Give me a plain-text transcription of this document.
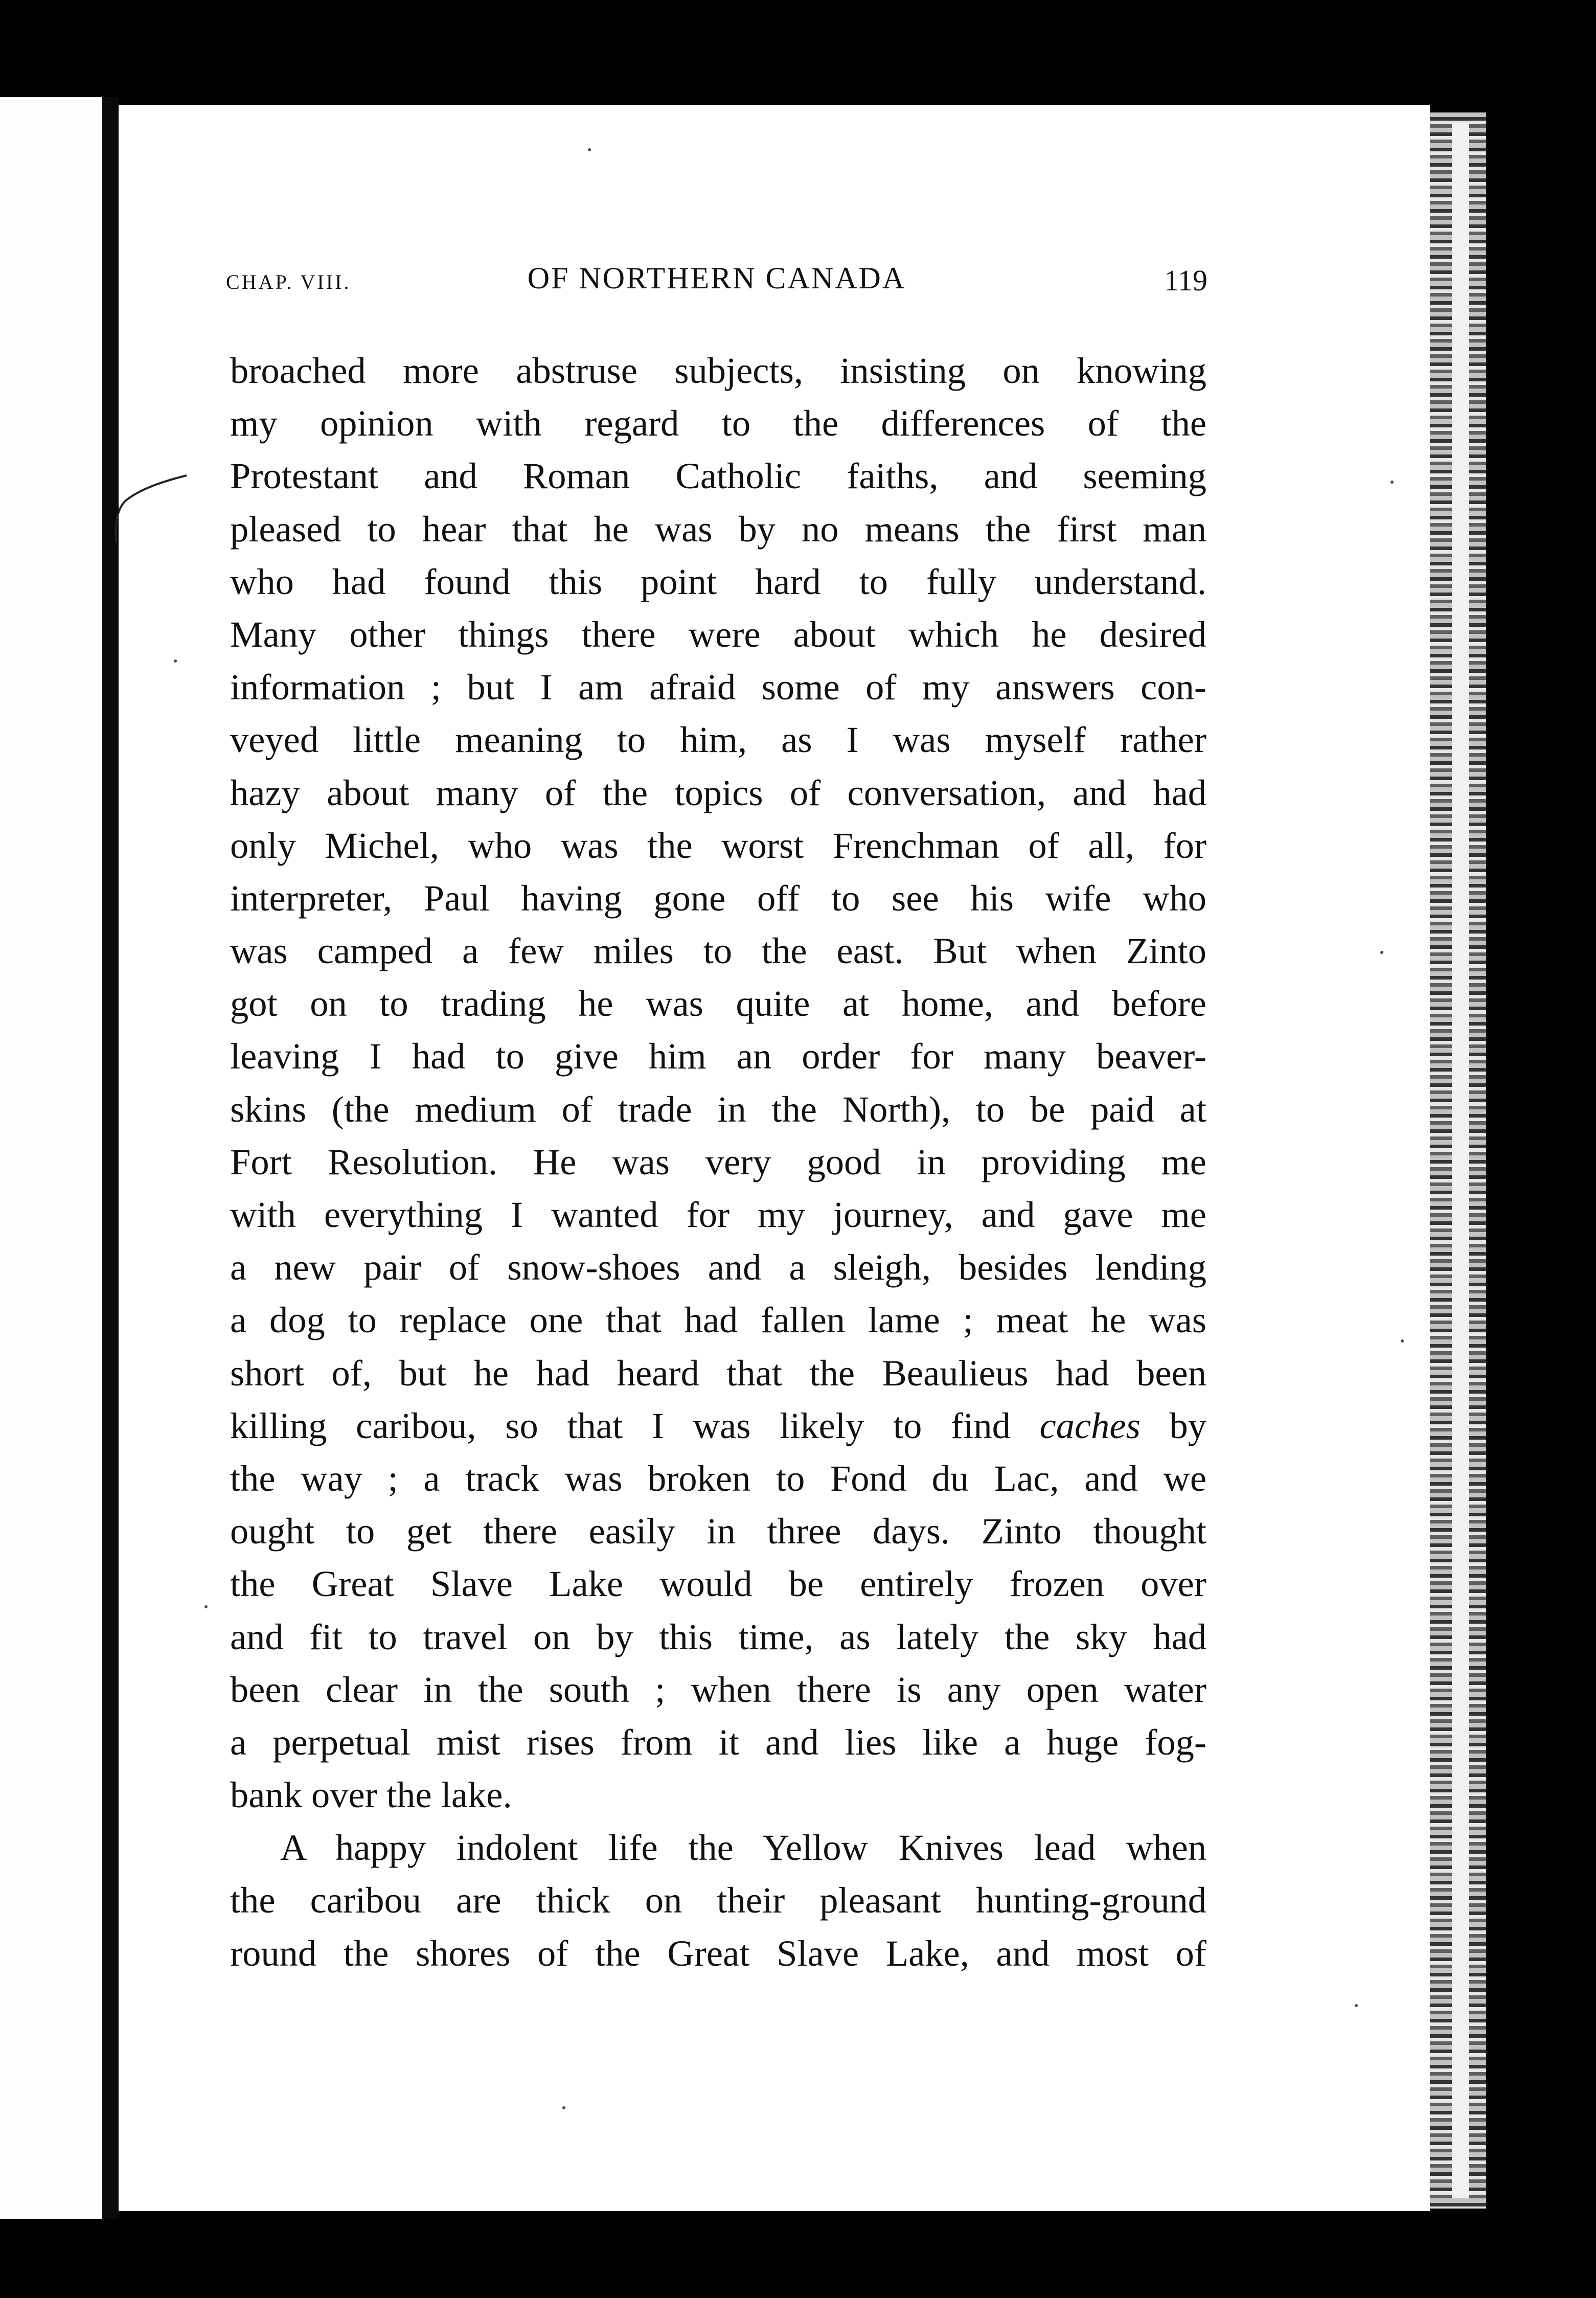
CHAP. VIII.	OF NORTHERN CANADA	119
broached more abstruse subjects, insisting on knowing
my opinion with regard to the differences of the
Protestant and Roman Catholic faiths, and seeming
pleased to hear that he was by no means the first man
who had found this point hard to fully understand.
Many other things there were about which he desired
information ; but I am afraid some of my answers con-
veyed little meaning to him, as I was myself rather
hazy about many of the topics of conversation, and had
only Michel, who was the worst Frenchman of all, for
interpreter, Paul having gone off to see his wife who
was camped a few miles to the east. But when Zinto
got on to trading he was quite at home, and before
leaving I had to give him an order for many beaver-
skins (the medium of trade in the North), to be paid at
Fort Resolution. He was very good in providing me
with everything I wanted for my journey, and gave me
a new pair of snow-shoes and a sleigh, besides lending
a dog to replace one that had fallen lame ; meat he was
short of, but he had heard that the Beaulieus had been
killing caribou, so that I was likely to find caches by
the way ; a track was broken to Fond du Lac, and we
ought to get there easily in three days. Zinto thought
the Great Slave Lake would be entirely frozen over
and fit to travel on by this time, as lately the sky had
been clear in the south ; when there is any open water
a perpetual mist rises from it and lies like a huge fog-
bank over the lake.
A happy indolent life the Yellow Knives lead when
the caribou are thick on their pleasant hunting-ground
round the shores of the Great Slave Lake, and most of
